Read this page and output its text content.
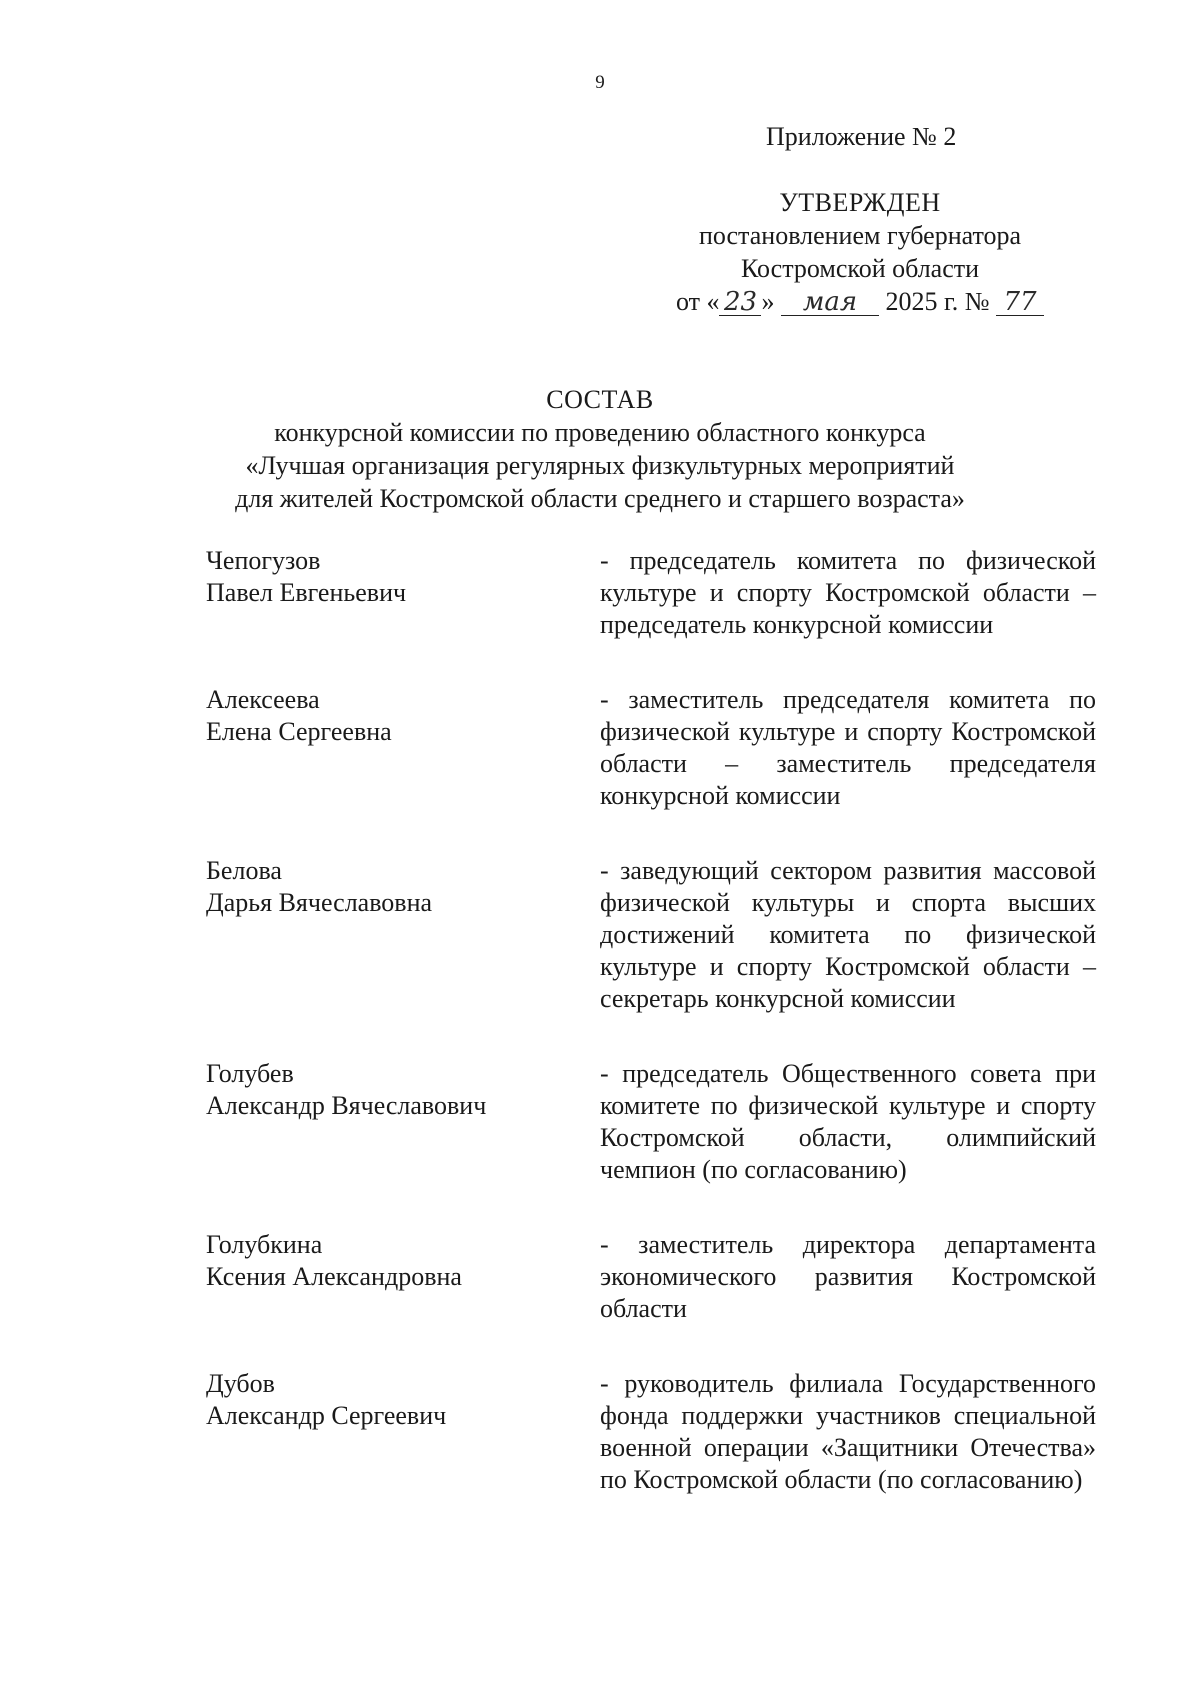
9
Приложение № 2
УТВЕРЖДЕН
постановлением губернатора
Костромской области
от « 23 » мая 2025 г. № 77
СОСТАВ
конкурсной комиссии по проведению областного конкурса
«Лучшая организация регулярных физкультурных мероприятий
для жителей Костромской области среднего и старшего возраста»
Чепогузов
Павел Евгеньевич
- председатель комитета по физической культуре и спорту Костромской области – председатель конкурсной комиссии
Алексеева
Елена Сергеевна
- заместитель председателя комитета по физической культуре и спорту Костромской области – заместитель председателя конкурсной комиссии
Белова
Дарья Вячеславовна
- заведующий сектором развития массовой физической культуры и спорта высших достижений комитета по физической культуре и спорту Костромской области – секретарь конкурсной комиссии
Голубев
Александр Вячеславович
- председатель Общественного совета при комитете по физической культуре и спорту Костромской области, олимпийский чемпион (по согласованию)
Голубкина
Ксения Александровна
- заместитель директора департамента экономического развития Костромской области
Дубов
Александр Сергеевич
- руководитель филиала Государственного фонда поддержки участников специальной военной операции «Защитники Отечества» по Костромской области (по согласованию)
